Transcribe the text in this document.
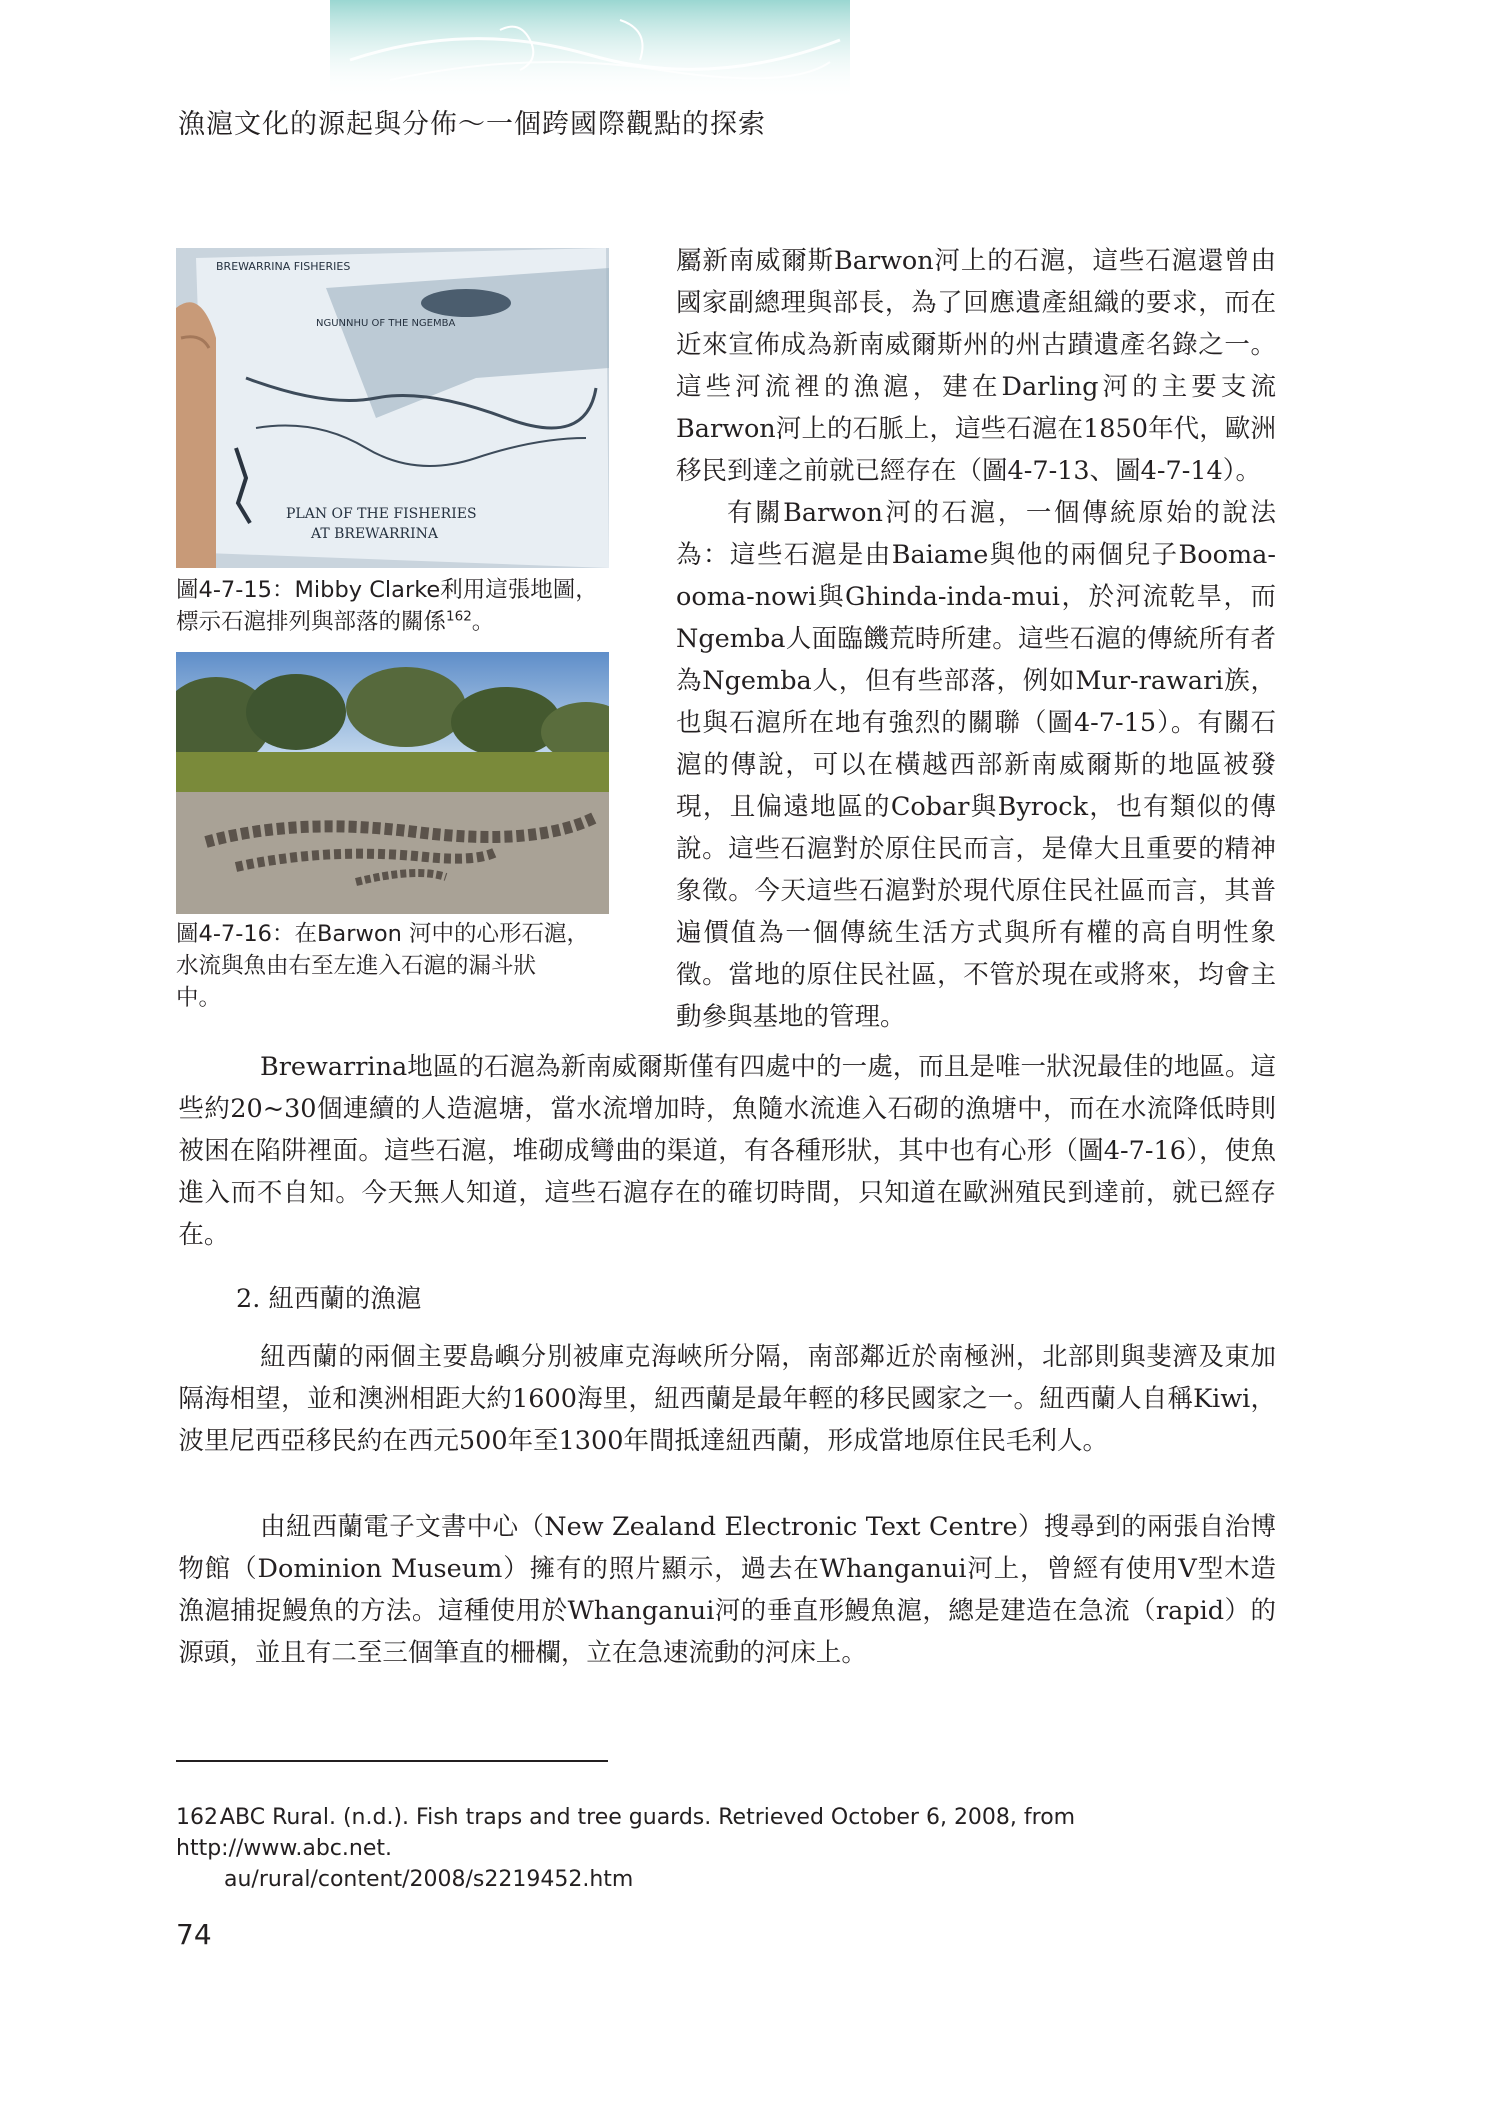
漁滬文化的源起與分佈～一個跨國際觀點的探索
BREWARRINA FISHERIES
NGUNNHU OF THE NGEMBA
PLAN OF THE FISHERIES
AT BREWARRINA
圖4-7-15：Mibby Clarke利用這張地圖，
標示石滬排列與部落的關係$^{162}$。
圖4-7-16：在Barwon 河中的心形石滬，
水流與魚由右至左進入石滬的漏斗狀
中。

屬新南威爾斯Barwon河上的石滬，這些石滬還曾由國家副總理與部長，為了回應遺產組織的要求，而在近來宣佈成為新南威爾斯州的州古蹟遺產名錄之一。這些河流裡的漁滬，建在Darling河的主要支流Barwon河上的石脈上，這些石滬在1850年代，歐洲移民到達之前就已經存在（圖4-7-13、圖4-7-14）。

有關Barwon河的石滬，一個傳統原始的說法為：這些石滬是由Baiame與他的兩個兒子Booma-ooma-nowi與Ghinda-inda-mui，於河流乾旱，而Ngemba人面臨饑荒時所建。這些石滬的傳統所有者為Ngemba人，但有些部落，例如Mur-rawari族，也與石滬所在地有強烈的關聯（圖4-7-15）。有關石滬的傳說，可以在橫越西部新南威爾斯的地區被發現，且偏遠地區的Cobar與Byrock，也有類似的傳說。這些石滬對於原住民而言，是偉大且重要的精神象徵。今天這些石滬對於現代原住民社區而言，其普遍價值為一個傳統生活方式與所有權的高自明性象徵。當地的原住民社區，不管於現在或將來，均會主動參與基地的管理。

Brewarrina地區的石滬為新南威爾斯僅有四處中的一處，而且是唯一狀況最佳的地區。這些約20~30個連續的人造滬塘，當水流增加時，魚隨水流進入石砌的漁塘中，而在水流降低時則被困在陷阱裡面。這些石滬，堆砌成彎曲的渠道，有各種形狀，其中也有心形（圖4-7-16），使魚進入而不自知。今天無人知道，這些石滬存在的確切時間，只知道在歐洲殖民到達前，就已經存在。

2. 紐西蘭的漁滬

紐西蘭的兩個主要島嶼分別被庫克海峽所分隔，南部鄰近於南極洲，北部則與斐濟及東加隔海相望，並和澳洲相距大約1600海里，紐西蘭是最年輕的移民國家之一。紐西蘭人自稱Kiwi，波里尼西亞移民約在西元500年至1300年間抵達紐西蘭，形成當地原住民毛利人。

由紐西蘭電子文書中心（New Zealand Electronic Text Centre）搜尋到的兩張自治博物館（Dominion Museum）擁有的照片顯示，過去在Whanganui河上，曾經有使用V型木造漁滬捕捉鰻魚的方法。這種使用於Whanganui河的垂直形鰻魚滬，總是建造在急流（rapid）的源頭，並且有二至三個筆直的柵欄，立在急速流動的河床上。

162.ABC Rural. (n.d.). Fish traps and tree guards. Retrieved October 6, 2008, from http://www.abc.net.
au/rural/content/2008/s2219452.htm
74
